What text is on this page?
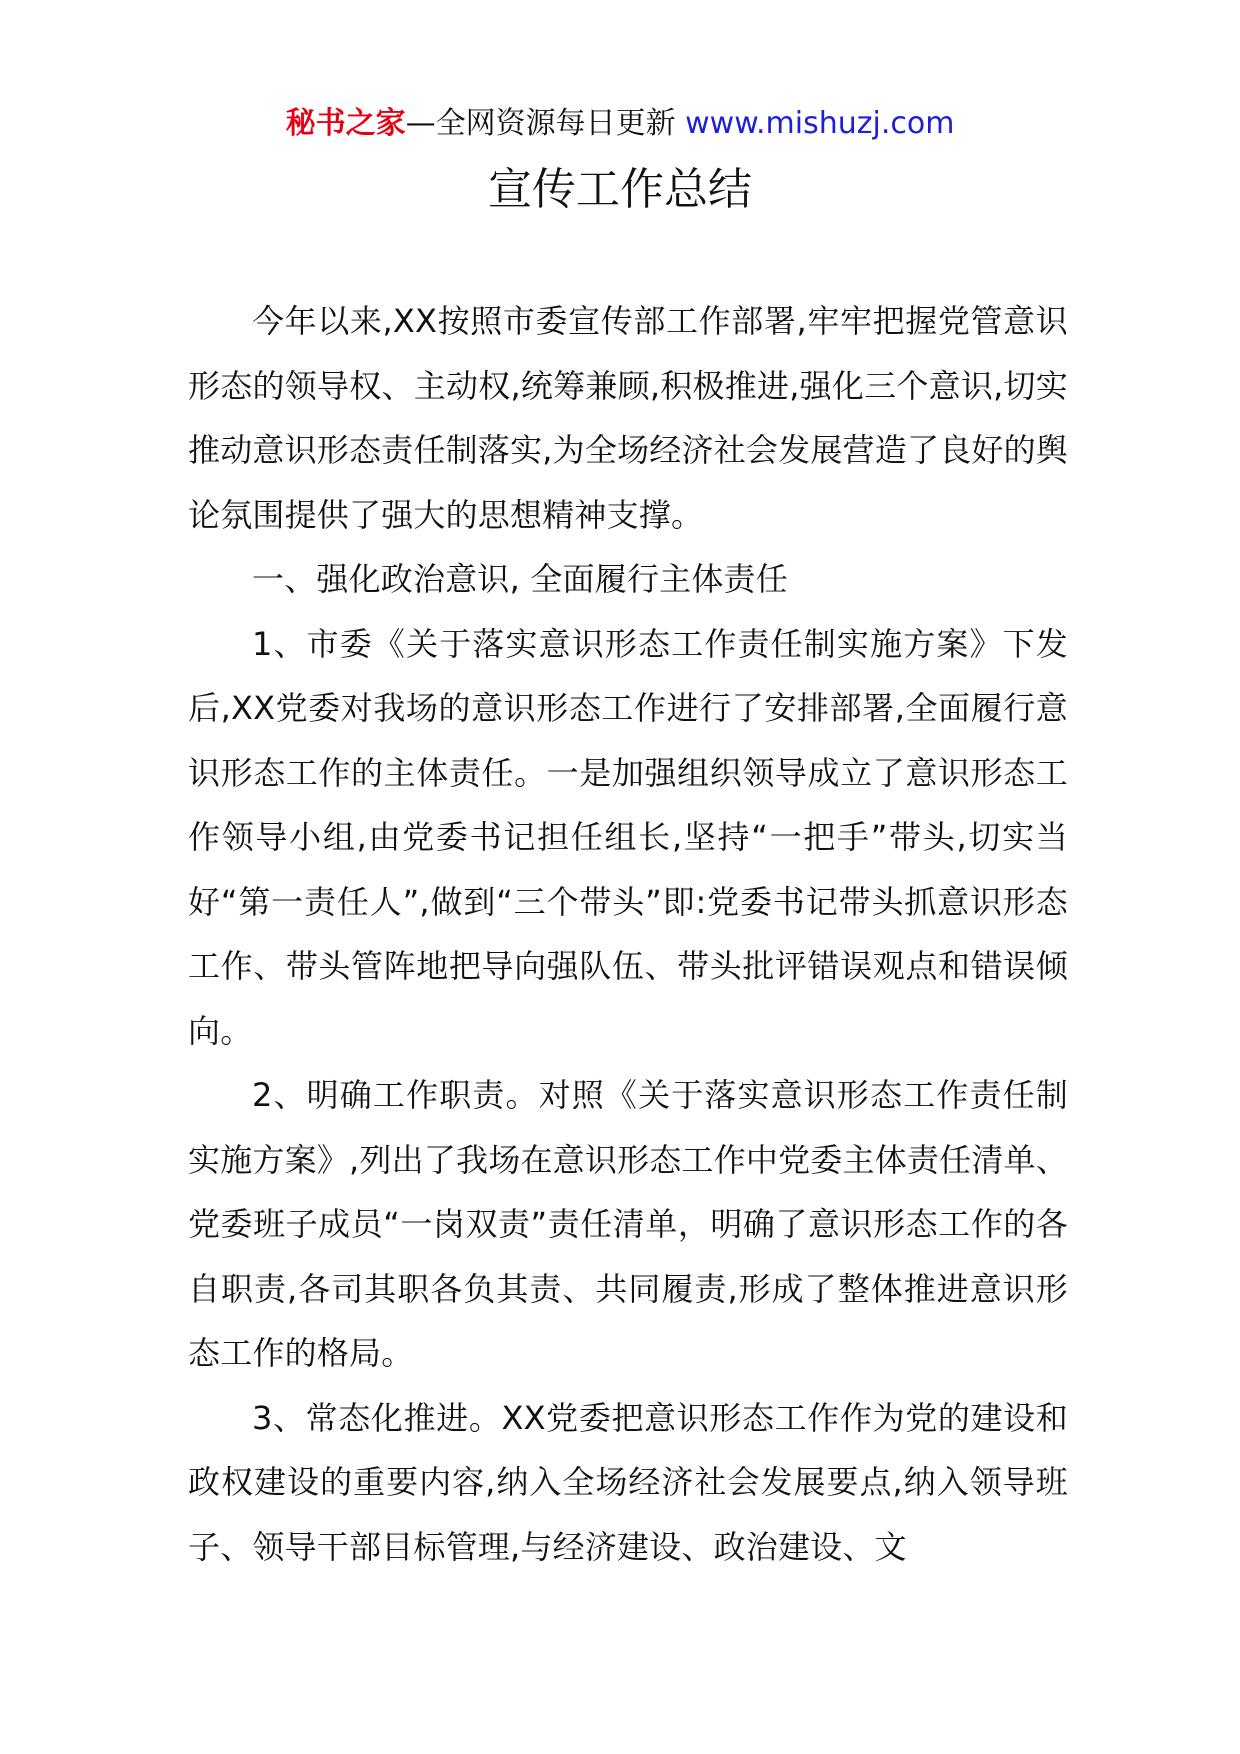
秘书之家—全网资源每日更新 www.mishuzj.com
宣传工作总结

今年以来,XX按照市委宣传部工作部署,牢牢把握党管意识形态的领导权、主动权,统筹兼顾,积极推进,强化三个意识,切实推动意识形态责任制落实,为全场经济社会发展营造了良好的舆论氛围提供了强大的思想精神支撑。

一、强化政治意识, 全面履行主体责任

1、市委《关于落实意识形态工作责任制实施方案》下发后,XX党委对我场的意识形态工作进行了安排部署,全面履行意识形态工作的主体责任。一是加强组织领导成立了意识形态工作领导小组,由党委书记担任组长,坚持“一把手”带头,切实当好“第一责任人”,做到“三个带头”即:党委书记带头抓意识形态工作、带头管阵地把导向强队伍、带头批评错误观点和错误倾向。

2、明确工作职责。对照《关于落实意识形态工作责任制实施方案》,列出了我场在意识形态工作中党委主体责任清单、党委班子成员“一岗双责”责任清单，明确了意识形态工作的各自职责,各司其职各负其责、共同履责,形成了整体推进意识形态工作的格局。

3、常态化推进。XX党委把意识形态工作作为党的建设和政权建设的重要内容,纳入全场经济社会发展要点,纳入领导班子、领导干部目标管理,与经济建设、政治建设、文
